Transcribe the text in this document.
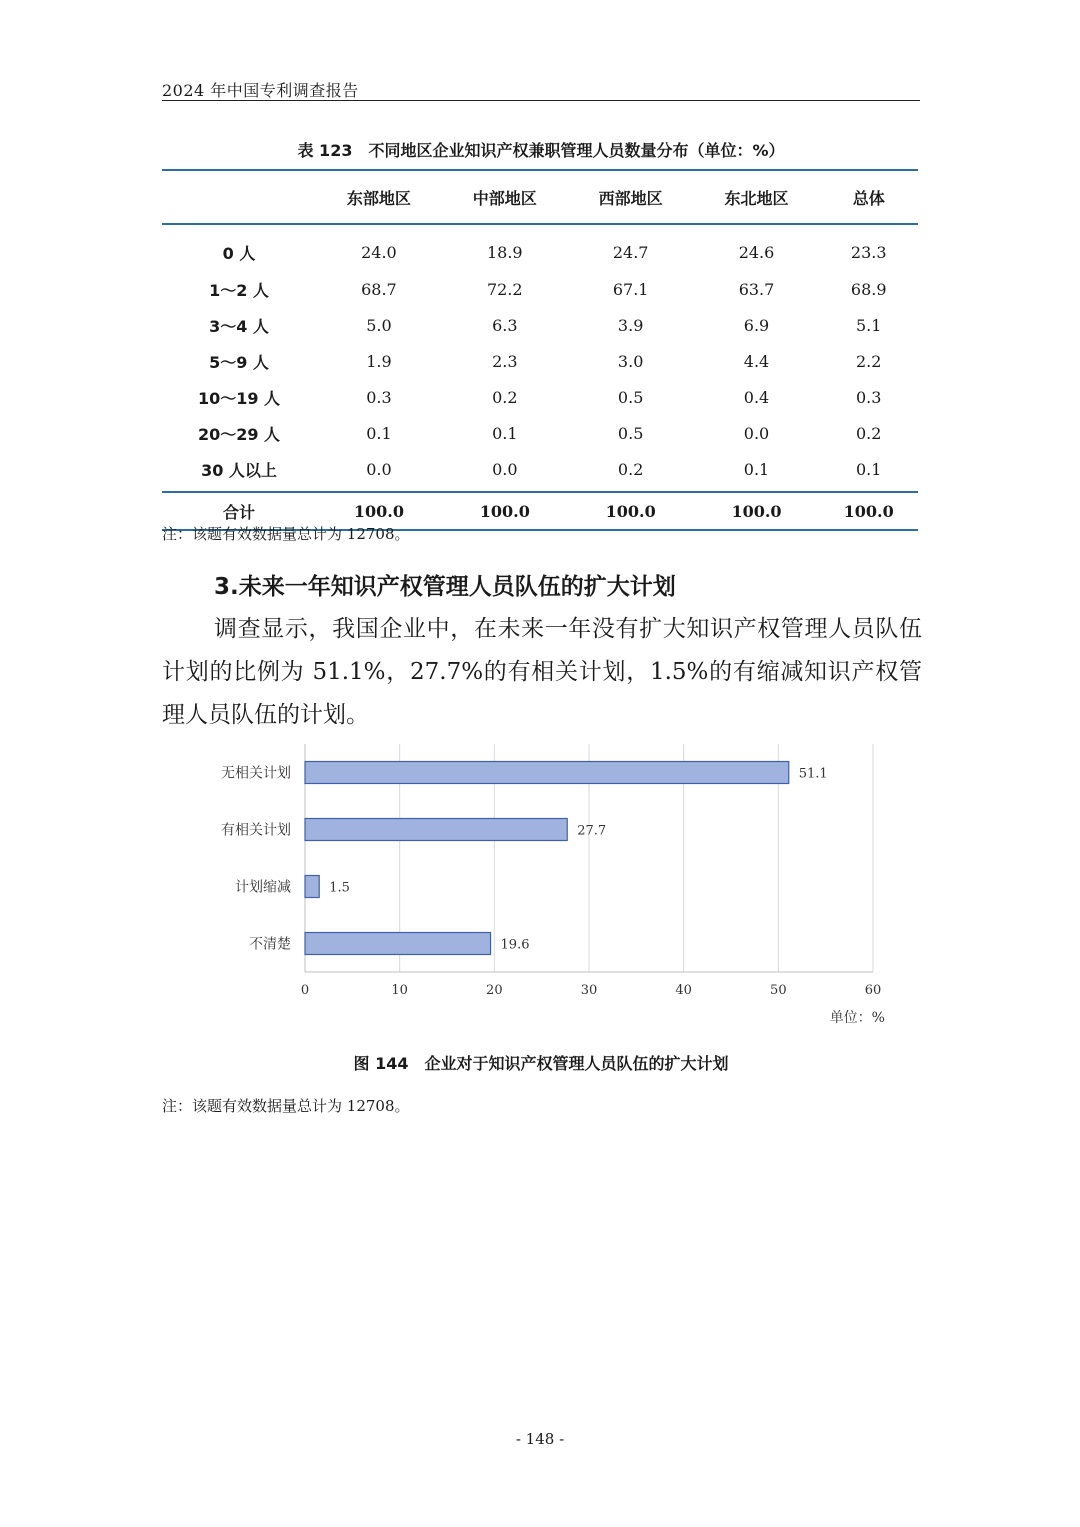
2024 年中国专利调查报告
表 123　不同地区企业知识产权兼职管理人员数量分布（单位：%）
	东部地区	中部地区	西部地区	东北地区	总体
0 人	24.0	18.9	24.7	24.6	23.3
1～2 人	68.7	72.2	67.1	63.7	68.9
3～4 人	5.0	6.3	3.9	6.9	5.1
5～9 人	1.9	2.3	3.0	4.4	2.2
10～19 人	0.3	0.2	0.5	0.4	0.3
20～29 人	0.1	0.1	0.5	0.0	0.2
30 人以上	0.0	0.0	0.2	0.1	0.1
合计	100.0	100.0	100.0	100.0	100.0
注：该题有效数据量总计为 12708。
3.未来一年知识产权管理人员队伍的扩大计划
调查显示，我国企业中，在未来一年没有扩大知识产权管理人员队伍计划的比例为 51.1%，27.7%的有相关计划，1.5%的有缩减知识产权管理人员队伍的计划。
0	10	20	30	40	50	60
无相关计划	51.1
有相关计划	27.7
计划缩减	1.5
不清楚	19.6
单位：%
图 144　企业对于知识产权管理人员队伍的扩大计划
注：该题有效数据量总计为 12708。
- 148 -
